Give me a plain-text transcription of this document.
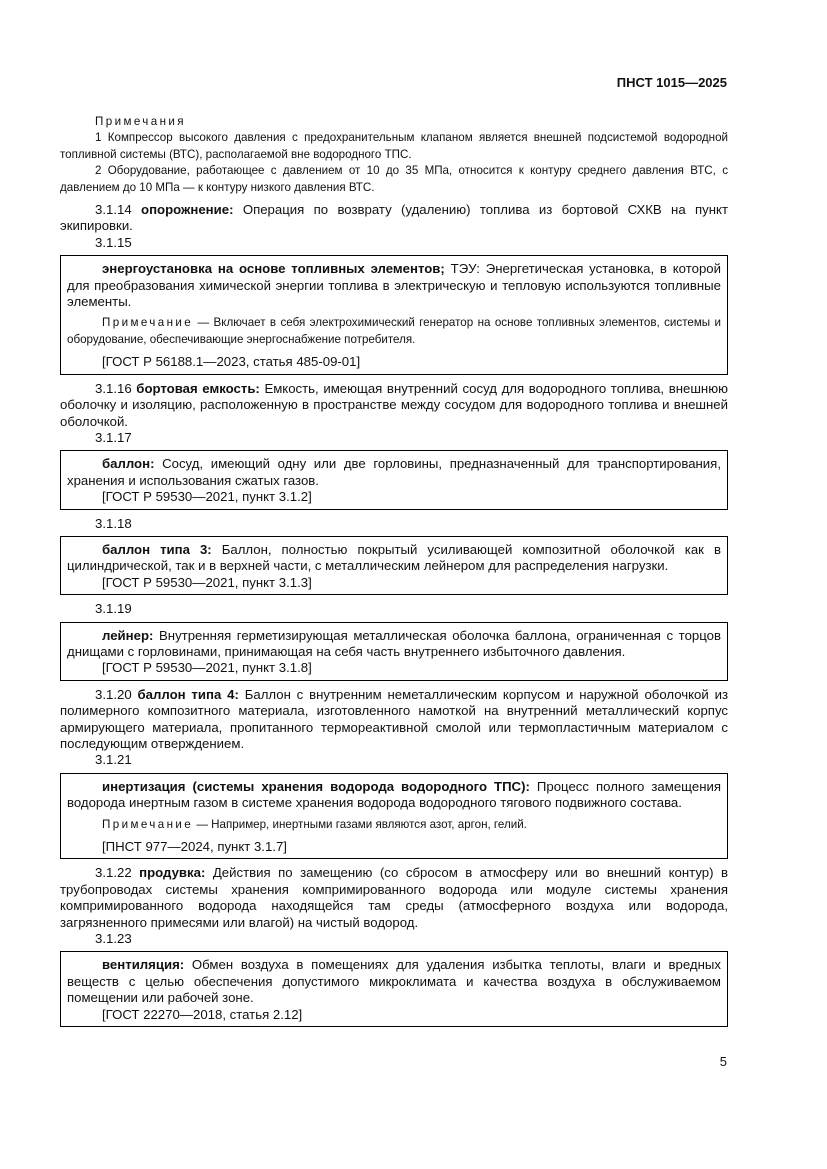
ПНСТ 1015—2025

Примечания

1 Компрессор высокого давления с предохранительным клапаном является внешней подсистемой водородной топливной системы (ВТС), располагаемой вне водородного ТПС.

2 Оборудование, работающее с давлением от 10 до 35 МПа, относится к контуру среднего давления ВТС, с давлением до 10 МПа — к контуру низкого давления ВТС.

3.1.14 опорожнение: Операция по возврату (удалению) топлива из бортовой СХКВ на пункт экипировки.

3.1.15

энергоустановка на основе топливных элементов; ТЭУ: Энергетическая установка, в которой для преобразования химической энергии топлива в электрическую и тепловую используются топливные элементы.

Примечание — Включает в себя электрохимический генератор на основе топливных элементов, системы и оборудование, обеспечивающие энергоснабжение потребителя.

[ГОСТ Р 56188.1—2023, статья 485-09-01]

3.1.16 бортовая емкость: Емкость, имеющая внутренний сосуд для водородного топлива, внешнюю оболочку и изоляцию, расположенную в пространстве между сосудом для водородного топлива и внешней оболочкой.

3.1.17

баллон: Сосуд, имеющий одну или две горловины, предназначенный для транспортирования, хранения и использования сжатых газов.

[ГОСТ Р 59530—2021, пункт 3.1.2]

3.1.18

баллон типа 3: Баллон, полностью покрытый усиливающей композитной оболочкой как в цилиндрической, так и в верхней части, с металлическим лейнером для распределения нагрузки.

[ГОСТ Р 59530—2021, пункт 3.1.3]

3.1.19

лейнер: Внутренняя герметизирующая металлическая оболочка баллона, ограниченная с торцов днищами с горловинами, принимающая на себя часть внутреннего избыточного давления.

[ГОСТ Р 59530—2021, пункт 3.1.8]

3.1.20 баллон типа 4: Баллон с внутренним неметаллическим корпусом и наружной оболочкой из полимерного композитного материала, изготовленного намоткой на внутренний металлический корпус армирующего материала, пропитанного термореактивной смолой или термопластичным материалом с последующим отверждением.

3.1.21

инертизация (системы хранения водорода водородного ТПС): Процесс полного замещения водорода инертным газом в системе хранения водорода водородного тягового подвижного состава.

Примечание — Например, инертными газами являются азот, аргон, гелий.

[ПНСТ 977—2024, пункт 3.1.7]

3.1.22 продувка: Действия по замещению (со сбросом в атмосферу или во внешний контур) в трубопроводах системы хранения компримированного водорода или модуле системы хранения компримированного водорода находящейся там среды (атмосферного воздуха или водорода, загрязненного примесями или влагой) на чистый водород.

3.1.23

вентиляция: Обмен воздуха в помещениях для удаления избытка теплоты, влаги и вредных веществ с целью обеспечения допустимого микроклимата и качества воздуха в обслуживаемом помещении или рабочей зоне.

[ГОСТ 22270—2018, статья 2.12]

5
